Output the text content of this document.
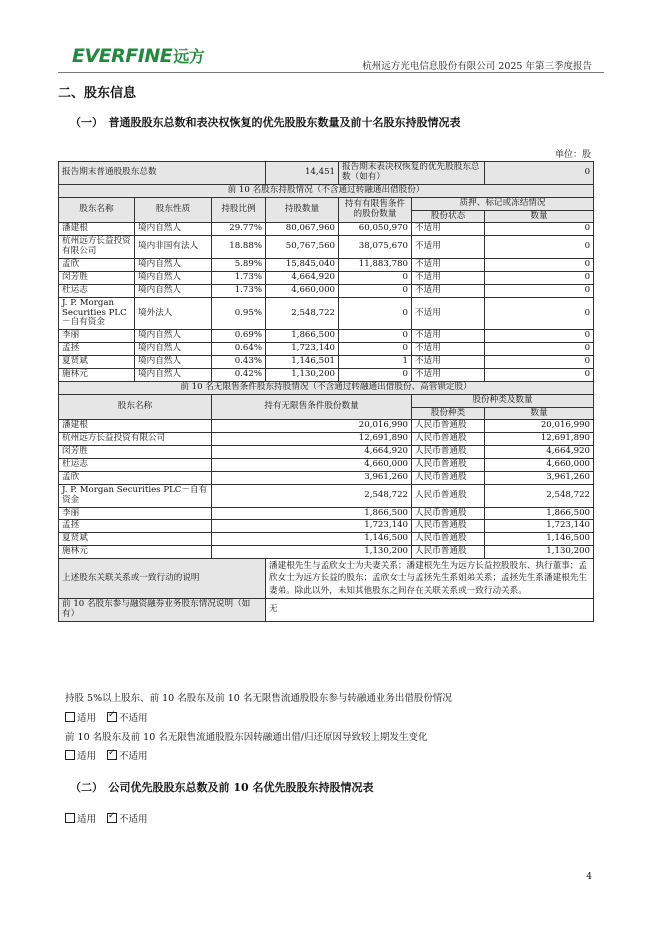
EVERFINE远方
杭州远方光电信息股份有限公司 2025 年第三季度报告
二、股东信息
（一）　普通股股东总数和表决权恢复的优先股股东数量及前十名股东持股情况表
单位：股
报告期末普通股股东总数			14,451	报告期末表决权恢复的优先股股东总数（如有）		0
前 10 名股东持股情况（不含通过转融通出借股份）						
股东名称	股东性质	持股比例	持股数量	持有有限售条件的股份数量	质押、标记或冻结情况	
					股份状态	数量
潘建根	境内自然人	29.77%	80,067,960	60,050,970	不适用	0
杭州远方长益投资有限公司	境内非国有法人	18.88%	50,767,560	38,075,670	不适用	0
孟欣	境内自然人	5.89%	15,845,040	11,883,780	不适用	0
闵芳胜	境内自然人	1.73%	4,664,920	0	不适用	0
杜运志	境内自然人	1.73%	4,660,000	0	不适用	0
J. P. Morgan Securities PLC－自有资金	境外法人	0.95%	2,548,722	0	不适用	0
李丽	境内自然人	0.69%	1,866,500	0	不适用	0
孟拯	境内自然人	0.64%	1,723,140	0	不适用	0
夏贤斌	境内自然人	0.43%	1,146,501	1	不适用	0
施林元	境内自然人	0.42%	1,130,200	0	不适用	0
前 10 名无限售条件股东持股情况（不含通过转融通出借股份、高管锁定股）						
股东名称		持有无限售条件股份数量			股份种类及数量	
					股份种类	数量
潘建根		20,016,990			人民币普通股	20,016,990
杭州远方长益投资有限公司		12,691,890			人民币普通股	12,691,890
闵芳胜		4,664,920			人民币普通股	4,664,920
杜运志		4,660,000			人民币普通股	4,660,000
孟欣		3,961,260			人民币普通股	3,961,260
J. P. Morgan Securities PLC－自有资金		2,548,722			人民币普通股	2,548,722
李丽		1,866,500			人民币普通股	1,866,500
孟拯		1,723,140			人民币普通股	1,723,140
夏贤斌		1,146,500			人民币普通股	1,146,500
施林元		1,130,200			人民币普通股	1,130,200
上述股东关联关系或一致行动的说明			潘建根先生与孟欣女士为夫妻关系；潘建根先生为远方长益控股股东、执行董事；孟欣女士为远方长益的股东；孟欣女士与孟拯先生系姐弟关系；孟拯先生系潘建根先生妻弟。除此以外，未知其他股东之间存在关联关系或一致行动关系。			
前 10 名股东参与融资融券业务股东情况说明（如有）			无			
持股 5%以上股东、前 10 名股东及前 10 名无限售流通股股东参与转融通业务出借股份情况
适用
✓ 不适用
前 10 名股东及前 10 名无限售流通股股东因转融通出借/归还原因导致较上期发生变化
适用
✓ 不适用
（二）　公司优先股股东总数及前 10 名优先股股东持股情况表
适用
✓ 不适用
4
